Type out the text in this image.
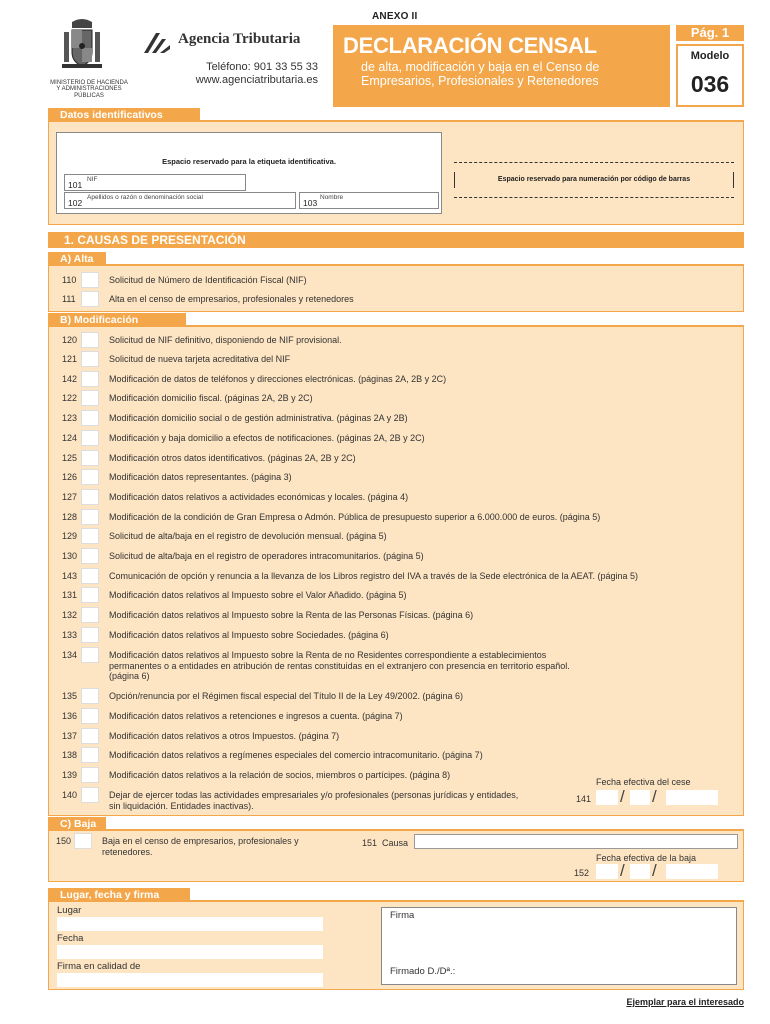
ANEXO II
MINISTERIO DE HACIENDA Y ADMINISTRACIONES PÚBLICAS
Agencia Tributaria
Teléfono: 901 33 55 33
www.agenciatributaria.es
DECLARACIÓN CENSAL
de alta, modificación y baja en el Censo de Empresarios, Profesionales y Retenedores
Pág. 1
Modelo
036
Datos identificativos
Espacio reservado para la etiqueta identificativa.
101
NIF
102
Apellidos o razón o denominación social
103
Nombre
Espacio reservado para numeración por código de barras
1. CAUSAS DE PRESENTACIÓN
A) Alta
110	Solicitud de Número de Identificación Fiscal (NIF)
111	Alta en el censo de empresarios, profesionales y retenedores
B) Modificación
120	Solicitud de NIF definitivo, disponiendo de NIF provisional.
121	Solicitud de nueva tarjeta acreditativa del NIF
142	Modificación de datos de teléfonos y direcciones electrónicas. (páginas 2A, 2B y 2C)
122	Modificación domicilio fiscal. (páginas 2A, 2B y 2C)
123	Modificación domicilio social o de gestión administrativa. (páginas 2A y 2B)
124	Modificación y baja domicilio a efectos de notificaciones. (páginas 2A, 2B y 2C)
125	Modificación otros datos identificativos. (páginas 2A, 2B y 2C)
126	Modificación datos representantes. (página 3)
127	Modificación datos relativos a actividades económicas y locales. (página 4)
128	Modificación de la condición de Gran Empresa o Admón. Pública de presupuesto superior a 6.000.000 de euros. (página 5)
129	Solicitud de alta/baja en el registro de devolución mensual. (página 5)
130	Solicitud de alta/baja en el registro de operadores intracomunitarios. (página 5)
143	Comunicación de opción y renuncia a la llevanza de los Libros registro del IVA a través de la Sede electrónica de la AEAT. (página 5)
131	Modificación datos relativos al Impuesto sobre el Valor Añadido. (página 5)
132	Modificación datos relativos al Impuesto sobre la Renta de las Personas Físicas. (página 6)
133	Modificación datos relativos al Impuesto sobre Sociedades. (página 6)
134	Modificación datos relativos al Impuesto sobre la Renta de no Residentes correspondiente a establecimientos permanentes o a entidades en atribución de rentas constituidas en el extranjero con presencia en territorio español. (página 6)
135	Opción/renuncia por el Régimen fiscal especial del Título II de la Ley 49/2002. (página 6)
136	Modificación datos relativos a retenciones e ingresos a cuenta. (página 7)
137	Modificación datos relativos a otros Impuestos. (página 7)
138	Modificación datos relativos a regímenes especiales del comercio intracomunitario. (página 7)
139	Modificación datos relativos a la relación de socios, miembros o partícipes. (página 8)
140	Dejar de ejercer todas las actividades empresariales y/o profesionales (personas jurídicas y entidades, sin liquidación. Entidades inactivas).
Fecha efectiva del cese
141 / /
C) Baja
150	Baja en el censo de empresarios, profesionales y retenedores.
151 Causa
Fecha efectiva de la baja
152 / /
Lugar, fecha y firma
Lugar
Fecha
Firma en calidad de
Firma
Firmado D./Dª.:
Ejemplar para el interesado
